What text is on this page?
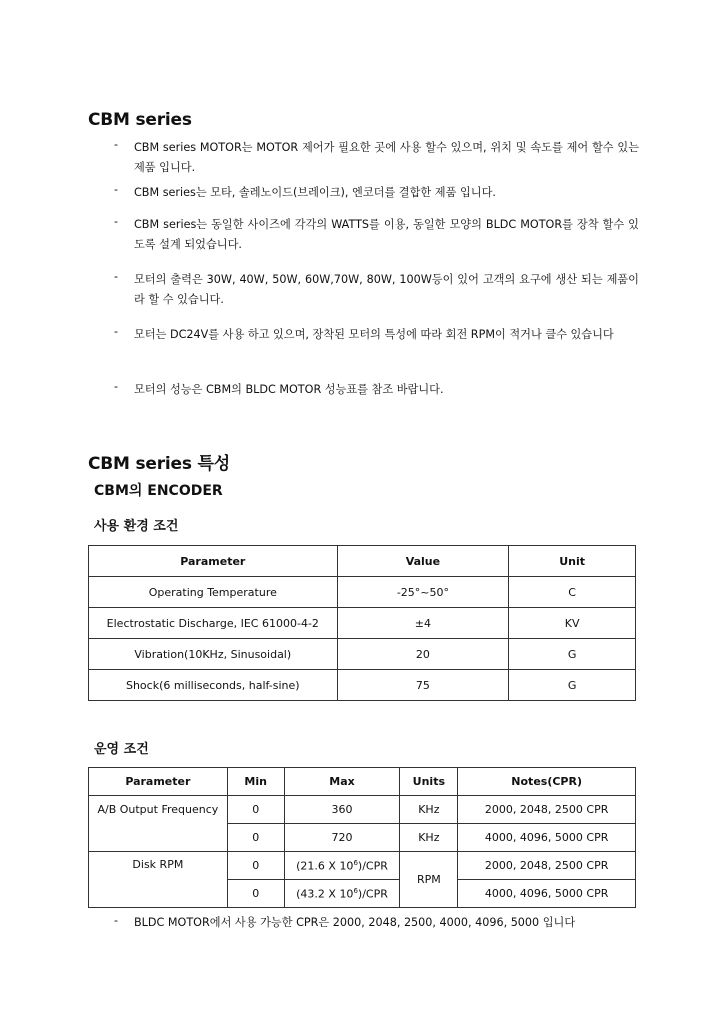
CBM series
- CBM series MOTOR는 MOTOR 제어가 필요한 곳에 사용 할수 있으며, 위치 및 속도를 제어 할수 있는 제품 입니다.
- CBM series는 모타, 솔레노이드(브레이크), 엔코더를 결합한 제품 입니다.
- CBM series는 동일한 사이즈에 각각의 WATTS를 이용, 동일한 모양의 BLDC MOTOR를 장착 할수 있도록 설계 되었습니다.
- 모터의 출력은 30W, 40W, 50W, 60W,70W, 80W, 100W등이 있어 고객의 요구에 생산 되는 제품이라 할 수 있습니다.
- 모터는 DC24V를 사용 하고 있으며, 장착된 모터의 특성에 따라 회전 RPM이 적거나 클수 있습니다
- 모터의 성능은 CBM의 BLDC MOTOR 성능표를 참조 바랍니다.
CBM series 특성
CBM의 ENCODER
사용 환경 조건
Parameter	Value	Unit
Operating Temperature	-25°~50°	C
Electrostatic Discharge, IEC 61000-4-2	±4	KV
Vibration(10KHz, Sinusoidal)	20	G
Shock(6 milliseconds, half-sine)	75	G
운영 조건
Parameter	Min	Max	Units	Notes(CPR)
A/B Output Frequency	0	360	KHz	2000, 2048, 2500 CPR
	0	720	KHz	4000, 4096, 5000 CPR
Disk RPM	0	(21.6 X $10^6$)/CPR	RPM	2000, 2048, 2500 CPR
	0	(43.2 X $10^6$)/CPR		4000, 4096, 5000 CPR
- BLDC MOTOR에서 사용 가능한 CPR은 2000, 2048, 2500, 4000, 4096, 5000 입니다
